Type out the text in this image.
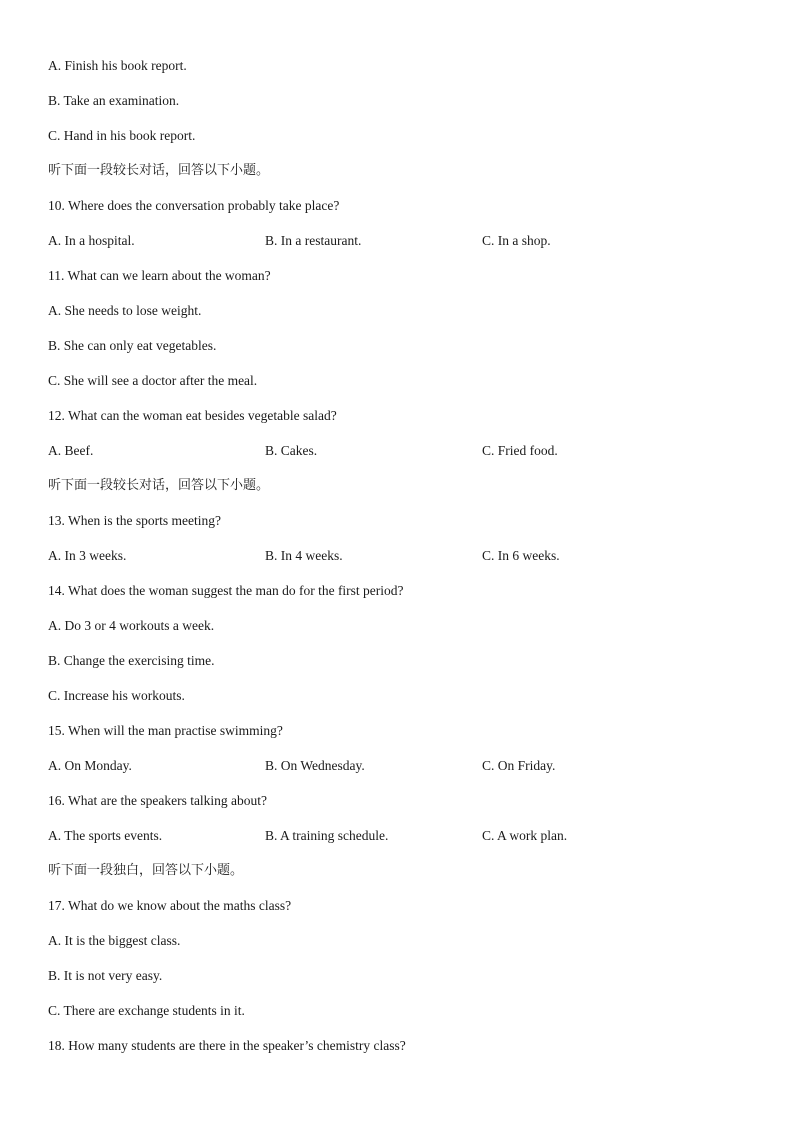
A. Finish his book report.
B. Take an examination.
C. Hand in his book report.
听下面一段较长对话，回答以下小题。
10. Where does the conversation probably take place?
A. In a hospital.	B. In a restaurant.	C. In a shop.
11. What can we learn about the woman?
A. She needs to lose weight.
B. She can only eat vegetables.
C. She will see a doctor after the meal.
12. What can the woman eat besides vegetable salad?
A. Beef.	B. Cakes.	C. Fried food.
听下面一段较长对话，回答以下小题。
13. When is the sports meeting?
A. In 3 weeks.	B. In 4 weeks.	C. In 6 weeks.
14. What does the woman suggest the man do for the first period?
A. Do 3 or 4 workouts a week.
B. Change the exercising time.
C. Increase his workouts.
15. When will the man practise swimming?
A. On Monday.	B. On Wednesday.	C. On Friday.
16. What are the speakers talking about?
A. The sports events.	B. A training schedule.	C. A work plan.
听下面一段独白，回答以下小题。
17. What do we know about the maths class?
A. It is the biggest class.
B. It is not very easy.
C. There are exchange students in it.
18. How many students are there in the speaker’s chemistry class?
